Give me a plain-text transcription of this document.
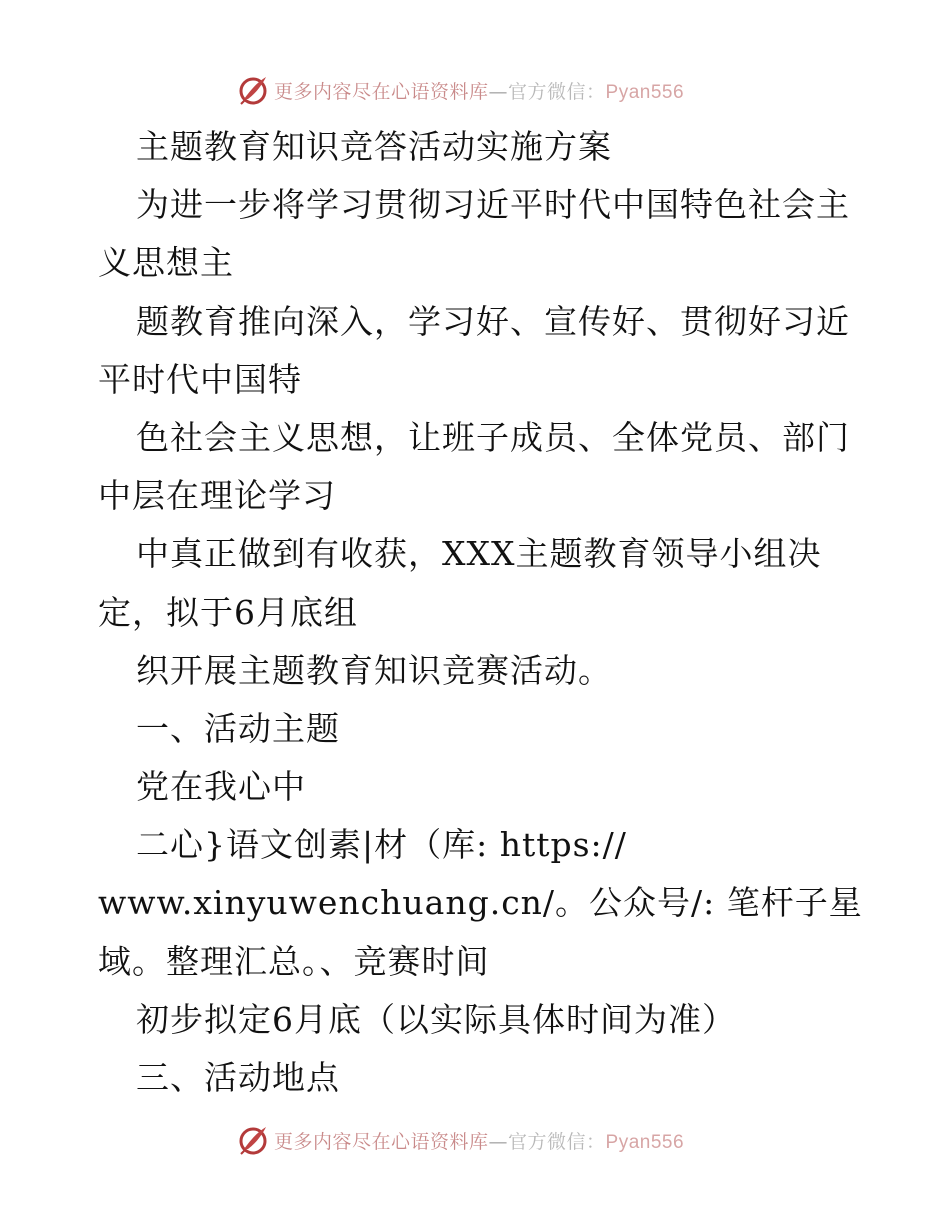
更多内容尽在心语资料库—官方微信：Pyan556
主题教育知识竞答活动实施方案
为进一步将学习贯彻习近平时代中国特色社会主
义思想主
题教育推向深入，学习好、宣传好、贯彻好习近
平时代中国特
色社会主义思想，让班子成员、全体党员、部门
中层在理论学习
中真正做到有收获，XXX主题教育领导小组决
定，拟于6月底组
织开展主题教育知识竞赛活动。
一、活动主题
党在我心中
二心}语文创素|材（库: https://
www.xinyuwenchuang.cn/。公众号/: 笔杆子星
域。整理汇总。、竞赛时间
初步拟定6月底（以实际具体时间为准）
三、活动地点
更多内容尽在心语资料库—官方微信：Pyan556
